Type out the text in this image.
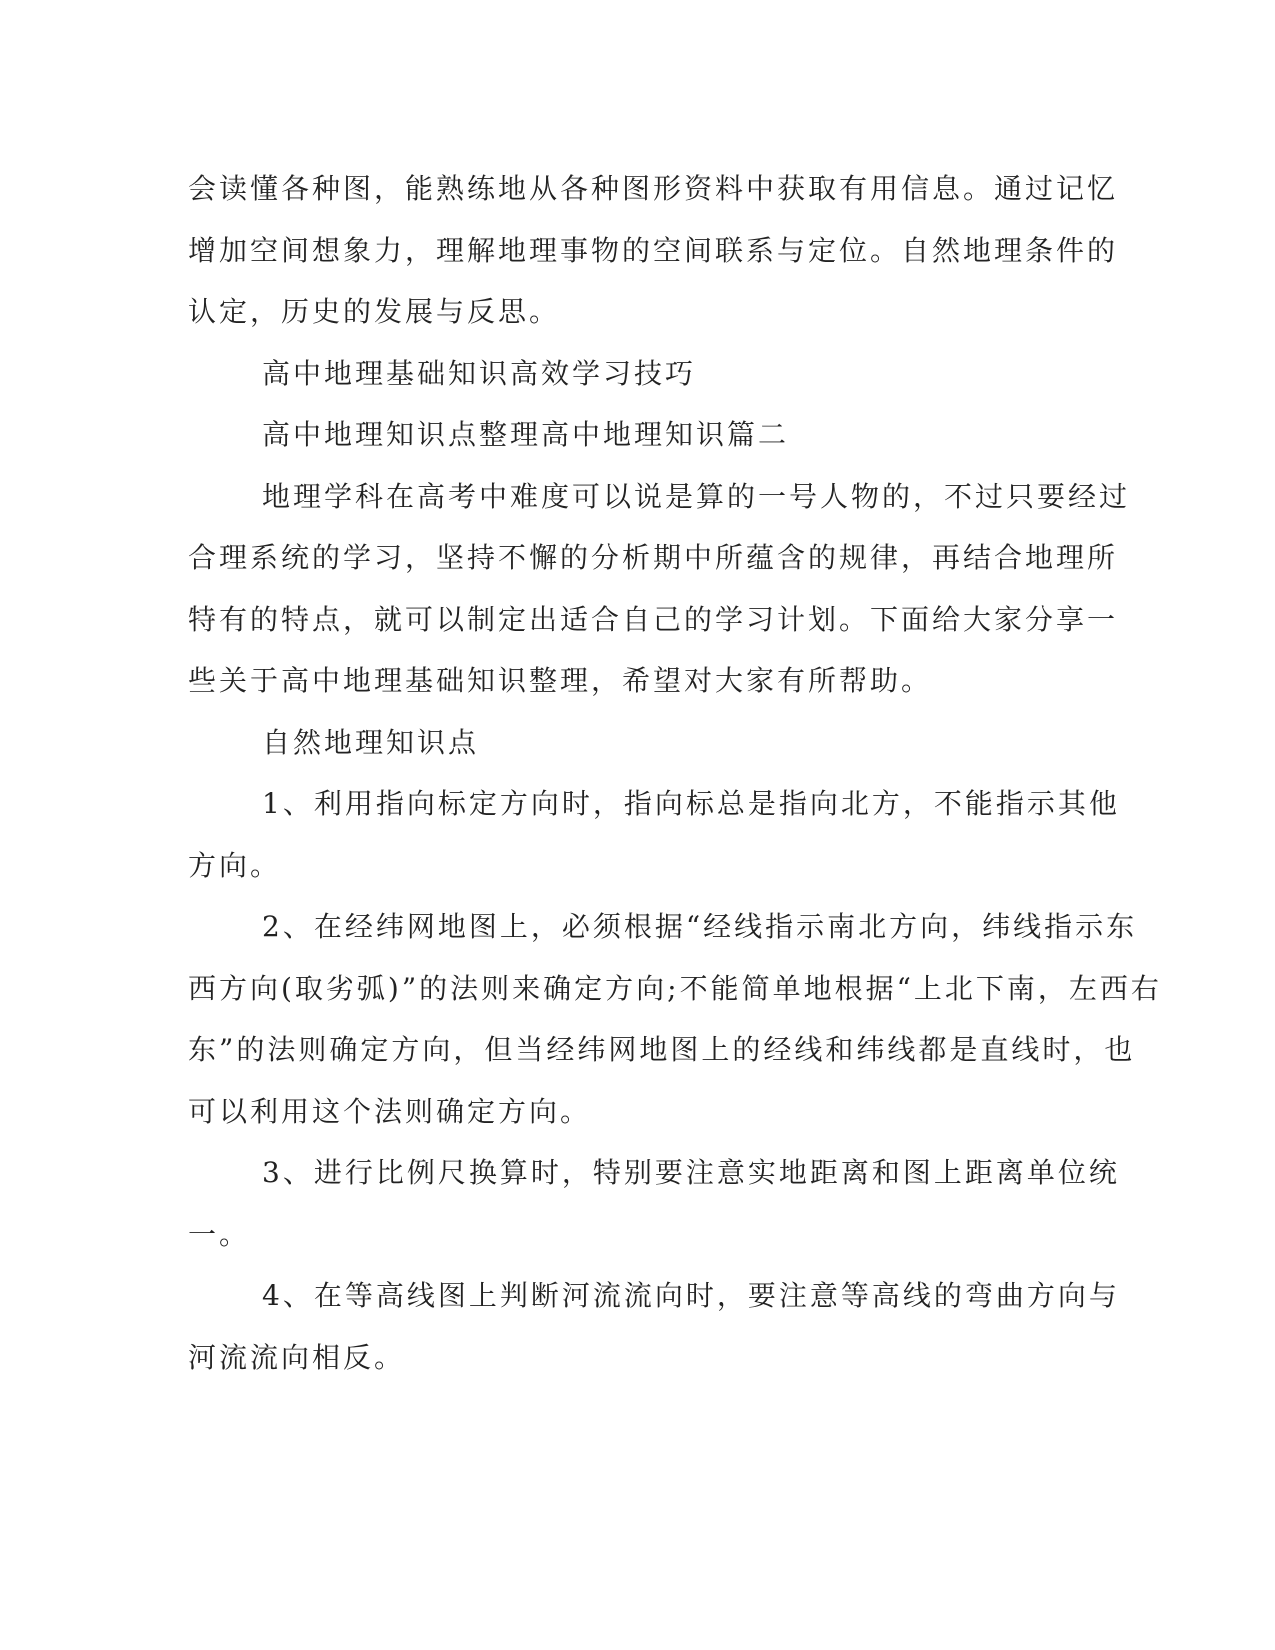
会读懂各种图，能熟练地从各种图形资料中获取有用信息。通过记忆

增加空间想象力，理解地理事物的空间联系与定位。自然地理条件的

认定，历史的发展与反思。

高中地理基础知识高效学习技巧

高中地理知识点整理高中地理知识篇二

地理学科在高考中难度可以说是算的一号人物的，不过只要经过

合理系统的学习，坚持不懈的分析期中所蕴含的规律，再结合地理所

特有的特点，就可以制定出适合自己的学习计划。下面给大家分享一

些关于高中地理基础知识整理，希望对大家有所帮助。

自然地理知识点

1、利用指向标定方向时，指向标总是指向北方，不能指示其他

方向。

2、在经纬网地图上，必须根据“经线指示南北方向，纬线指示东

西方向(取劣弧)”的法则来确定方向;不能简单地根据“上北下南，左西右

东”的法则确定方向，但当经纬网地图上的经线和纬线都是直线时，也

可以利用这个法则确定方向。

3、进行比例尺换算时，特别要注意实地距离和图上距离单位统

一。

4、在等高线图上判断河流流向时，要注意等高线的弯曲方向与

河流流向相反。
